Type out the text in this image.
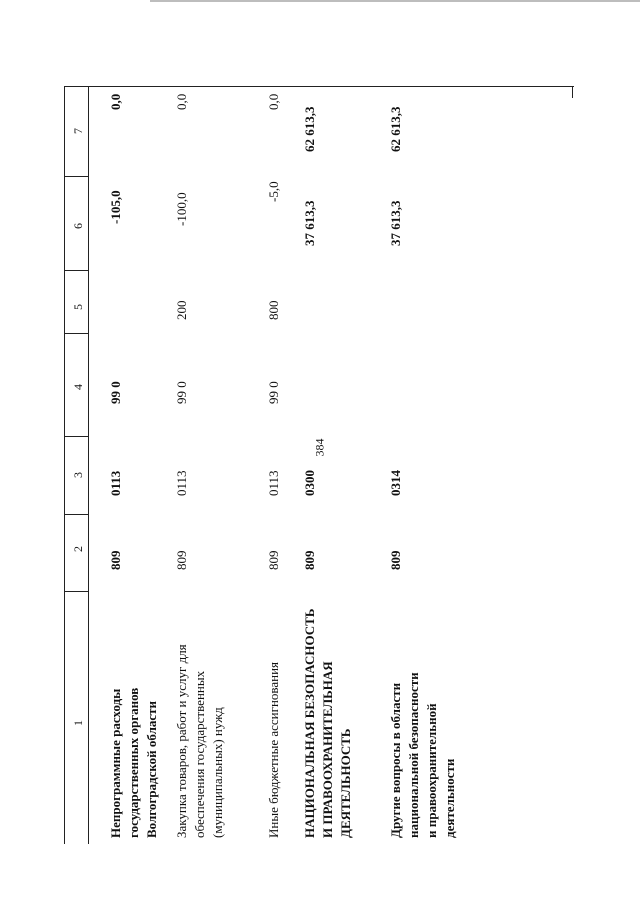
384
1
2
3
4
5
6
7
Непрограммные расходы государственных органов Волгоградской области
809
0113
99 0
-105,0
0,0
Закупка товаров, работ и услуг для обеспечения государственных (муниципальных) нужд
809
0113
99 0
200
-100,0
0,0
Иные бюджетные ассигнования
809
0113
99 0
800
-5,0
0,0
НАЦИОНАЛЬНАЯ БЕЗОПАСНОСТЬ И ПРАВООХРАНИТЕЛЬНАЯ ДЕЯТЕЛЬНОСТЬ
809
0300
37 613,3
62 613,3
Другие вопросы в области национальной безопасности и правоохранительной деятельности
809
0314
37 613,3
62 613,3
